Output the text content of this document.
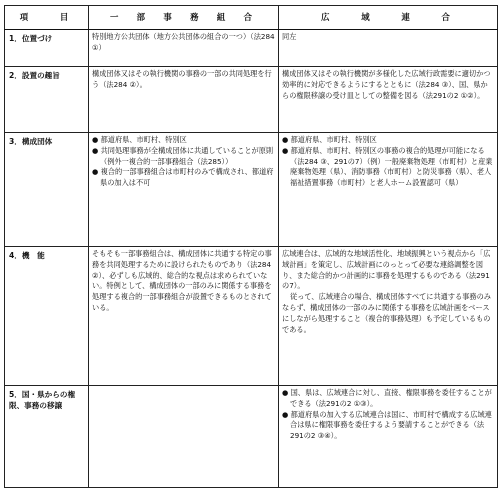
項　　目	一　部　事　務　組　合	広　　域　　連　　合
1．位置づけ	特別地方公共団体（地方公共団体の組合の一つ）（法284 ①）	同左

2．設置の趣旨	構成団体又はその執行機関の事務の一部の共同処理を行う（法284 ②）。	構成団体又はその執行機関が多様化した広域行政需要に適切かつ効率的に対応できるようにするとともに（法284 ③）、国、県からの権限移譲の受け皿としての整備を図る（法291の2 ①②）。

3．構成団体	● 都道府県、市町村、特別区
● 共同処理事務が全構成団体に共通していることが原則（例外一複合的一部事務組合（法285））
● 複合的一部事務組合は市町村のみで構成され、都道府県の加入は不可	● 都道府県、市町村、特別区
● 都道府県、市町村、特別区の事務の複合的処理が可能になる（法284 ③、291の7）（例）一般廃棄物処理（市町村）と産業廃棄物処理（県）、消防事務（市町村）と防災事務（県）、老人福祉措置事務（市町村）と老人ホーム設置認可（県）

4．機　能	そもそも一部事務組合は、構成団体に共通する特定の事務を共同処理するために設けられたものであり（法284 ②）、必ずしも広域的、総合的な視点は求められていない。特例として、構成団体の一部のみに関係する事務を処理する複合的一部事務組合が設置できるものとされている。	広域連合は、広域的な地域活性化、地域振興という視点から「広域計画」を策定し、広域計画にのっとって必要な連絡調整を図り、また総合的かつ計画的に事務を処理するものである（法291の7）。
従って、広域連合の場合、構成団体すべてに共通する事務のみならず、構成団体の一部のみに関係する事務を広域計画をベースにしながら処理すること（複合的事務処理）も予定しているものである。

5．国・県からの権限、事務の移譲		● 国、県は、広域連合に対し、直接、権限事務を委任することができる（法291の2 ①③）。
● 都道府県の加入する広域連合は国に、市町村で構成する広域連合は県に権限事務を委任するよう要請することができる（法291の2 ③④）。
